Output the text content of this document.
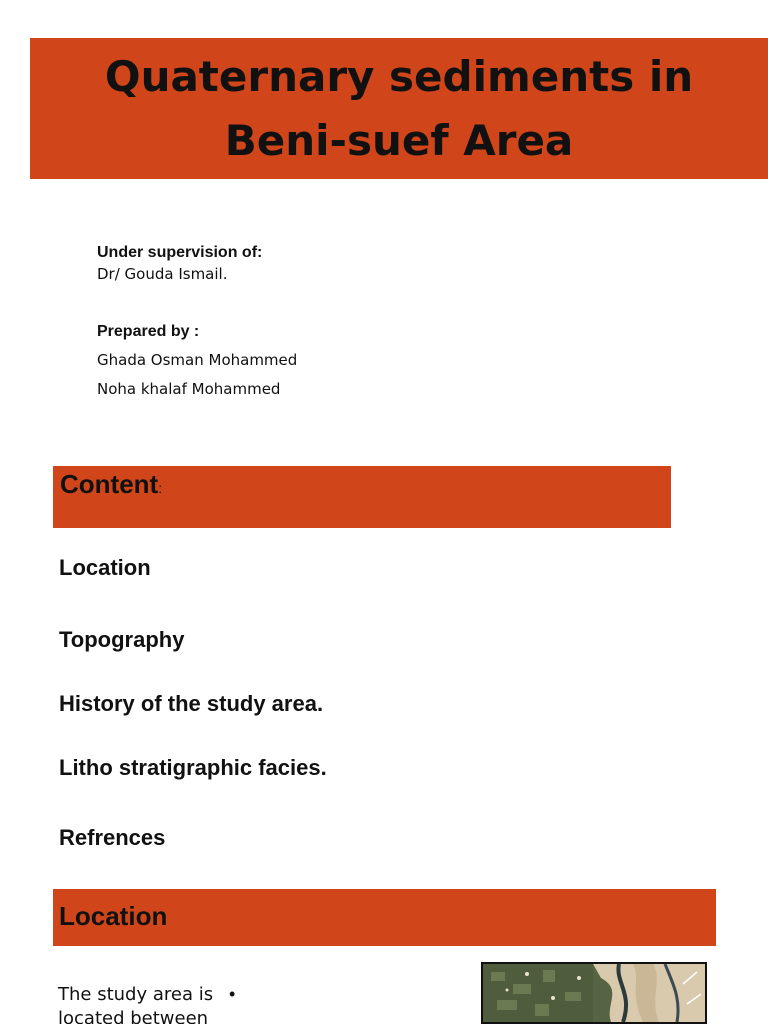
Quaternary sediments in
Beni-suef Area
Under supervision of:
Dr/ Gouda Ismail.
Prepared by :
Ghada Osman Mohammed
Noha khalaf Mohammed
Content:
Location
Topography
History of the study area.
Litho stratigraphic facies.
Refrences
Location
The study area is •
located between
